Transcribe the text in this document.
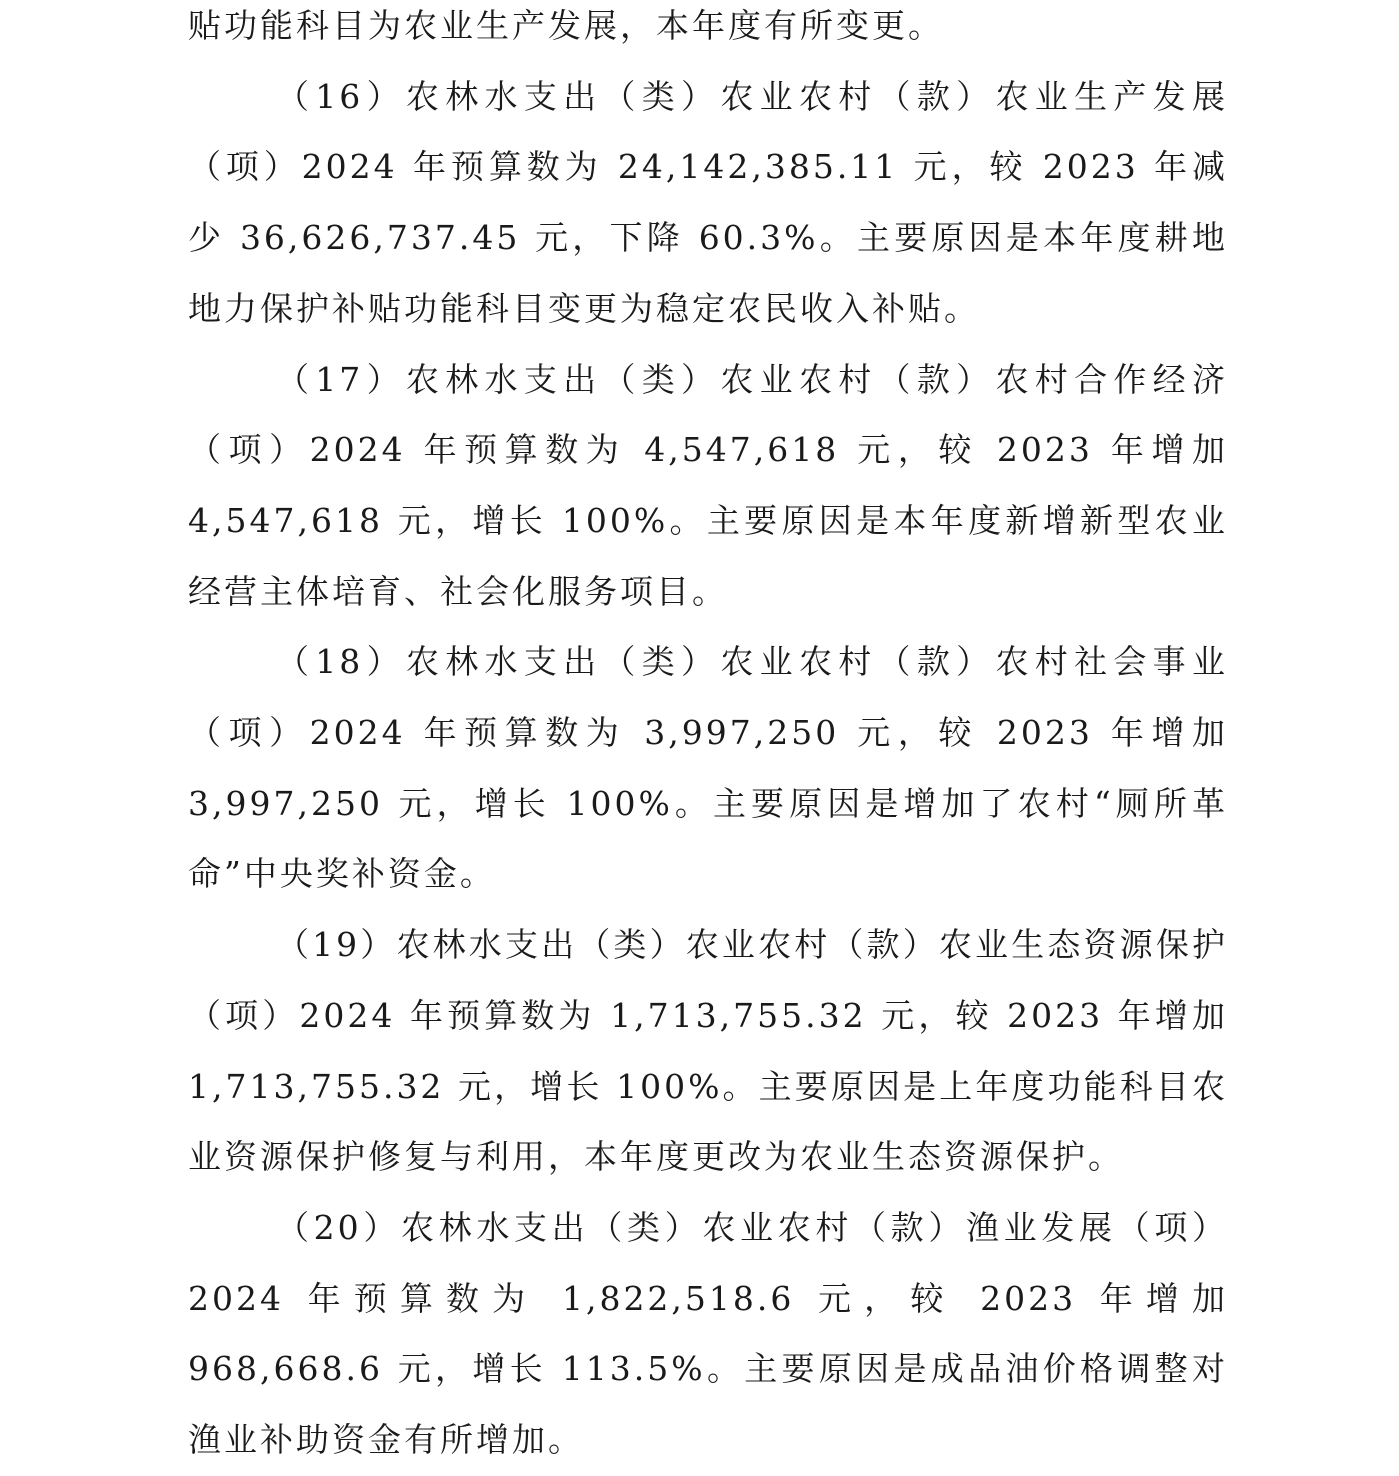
贴功能科目为农业生产发展，本年度有所变更。

（16）农林水支出（类）农业农村（款）农业生产发展（项）2024 年预算数为 24,142,385.11 元，较 2023 年减少 36,626,737.45 元，下降 60.3%。主要原因是本年度耕地地力保护补贴功能科目变更为稳定农民收入补贴。

（17）农林水支出（类）农业农村（款）农村合作经济（项）2024 年预算数为 4,547,618 元，较 2023 年增加 4,547,618 元，增长 100%。主要原因是本年度新增新型农业经营主体培育、社会化服务项目。

（18）农林水支出（类）农业农村（款）农村社会事业（项）2024 年预算数为 3,997,250 元，较 2023 年增加 3,997,250 元，增长 100%。主要原因是增加了农村“厕所革命”中央奖补资金。

（19）农林水支出（类）农业农村（款）农业生态资源保护（项）2024 年预算数为 1,713,755.32 元，较 2023 年增加 1,713,755.32 元，增长 100%。主要原因是上年度功能科目农业资源保护修复与利用，本年度更改为农业生态资源保护。

（20）农林水支出（类）农业农村（款）渔业发展（项）2024 年预算数为 1,822,518.6 元，较 2023 年增加 968,668.6 元，增长 113.5%。主要原因是成品油价格调整对渔业补助资金有所增加。
